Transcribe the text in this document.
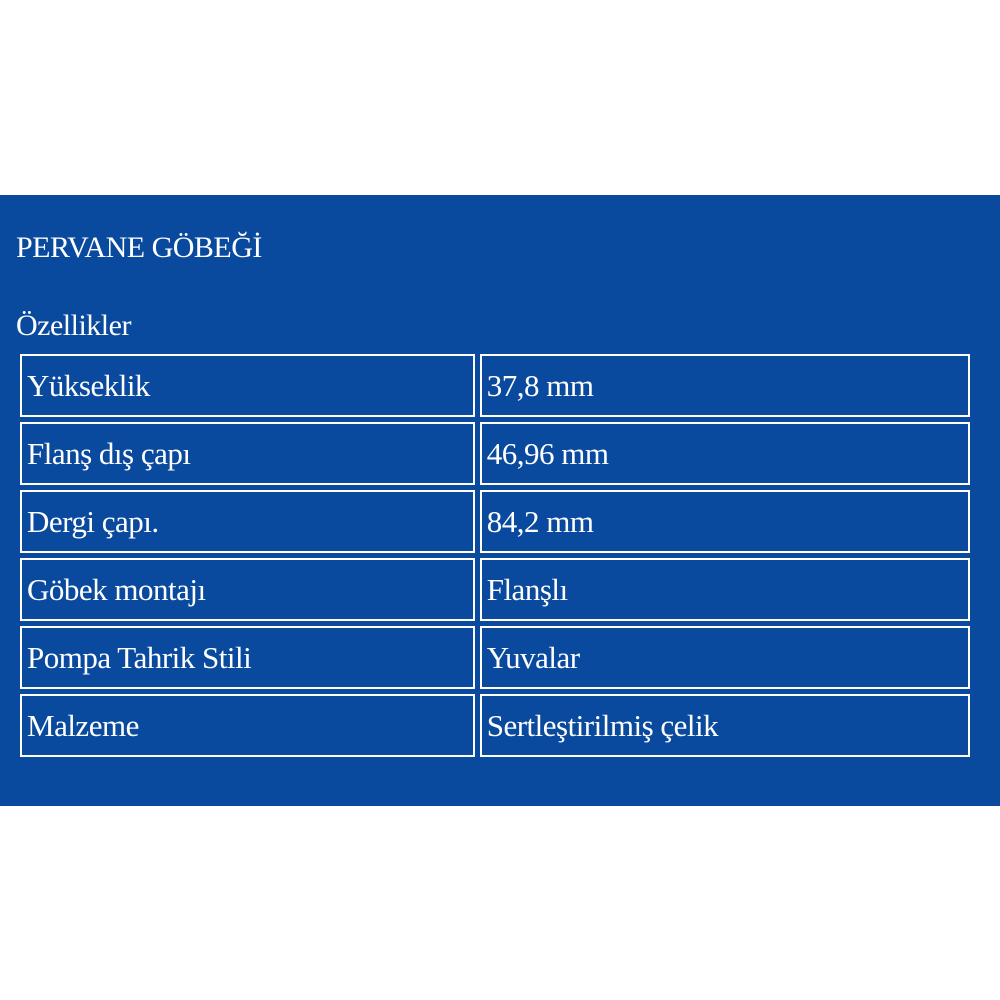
PERVANE GÖBEĞİ
Özellikler
Yükseklik	37,8 mm
Flanş dış çapı	46,96 mm
Dergi çapı.	84,2 mm
Göbek montajı	Flanşlı
Pompa Tahrik Stili	Yuvalar
Malzeme	Sertleştirilmiş çelik
